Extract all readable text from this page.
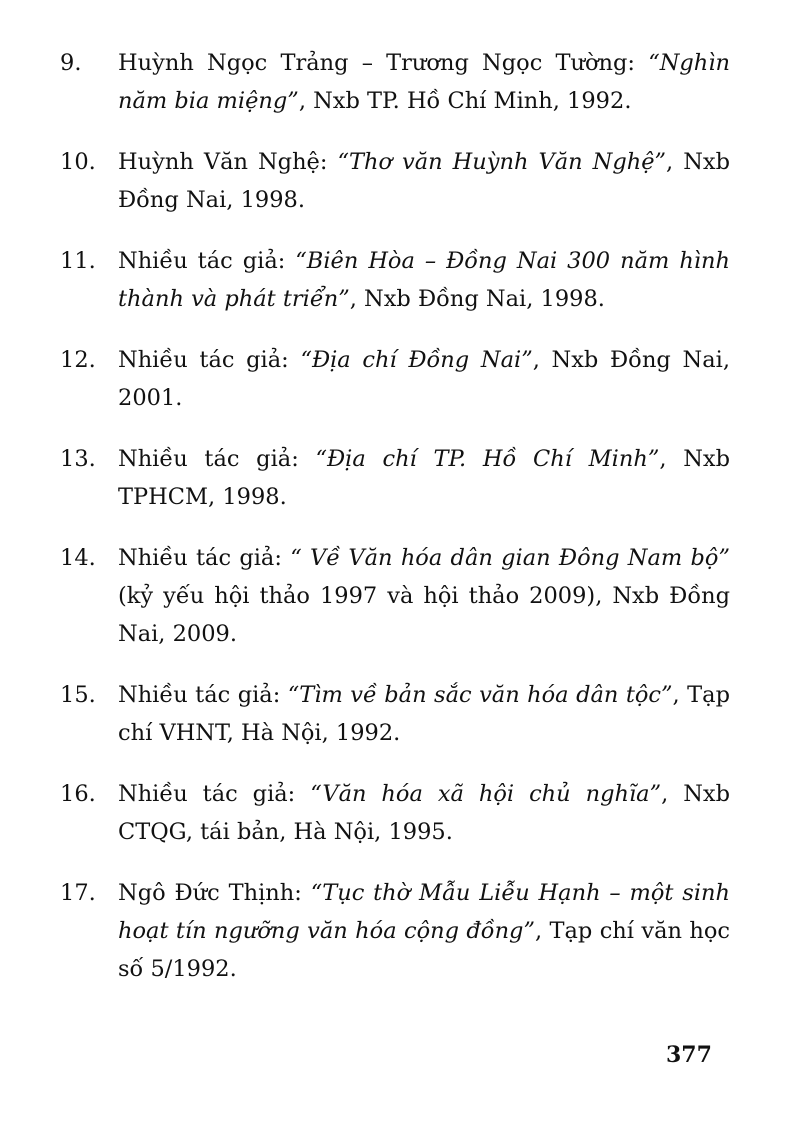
9. Huỳnh Ngọc Trảng – Trương Ngọc Tường: “Nghìn năm bia miệng”, Nxb TP. Hồ Chí Minh, 1992.
10. Huỳnh Văn Nghệ: “Thơ văn Huỳnh Văn Nghệ”, Nxb Đồng Nai, 1998.
11. Nhiều tác giả: “Biên Hòa – Đồng Nai 300 năm hình thành và phát triển”, Nxb Đồng Nai, 1998.
12. Nhiều tác giả: “Địa chí Đồng Nai”, Nxb Đồng Nai, 2001.
13. Nhiều tác giả: “Địa chí TP. Hồ Chí Minh”, Nxb TPHCM, 1998.
14. Nhiều tác giả: “ Về Văn hóa dân gian Đông Nam bộ” (kỷ yếu hội thảo 1997 và hội thảo 2009), Nxb Đồng Nai, 2009.
15. Nhiều tác giả: “Tìm về bản sắc văn hóa dân tộc”, Tạp chí VHNT, Hà Nội, 1992.
16. Nhiều tác giả: “Văn hóa xã hội chủ nghĩa”, Nxb CTQG, tái bản, Hà Nội, 1995.
17. Ngô Đức Thịnh: “Tục thờ Mẫu Liễu Hạnh – một sinh hoạt tín ngưỡng văn hóa cộng đồng”, Tạp chí văn học số 5/1992.
377
